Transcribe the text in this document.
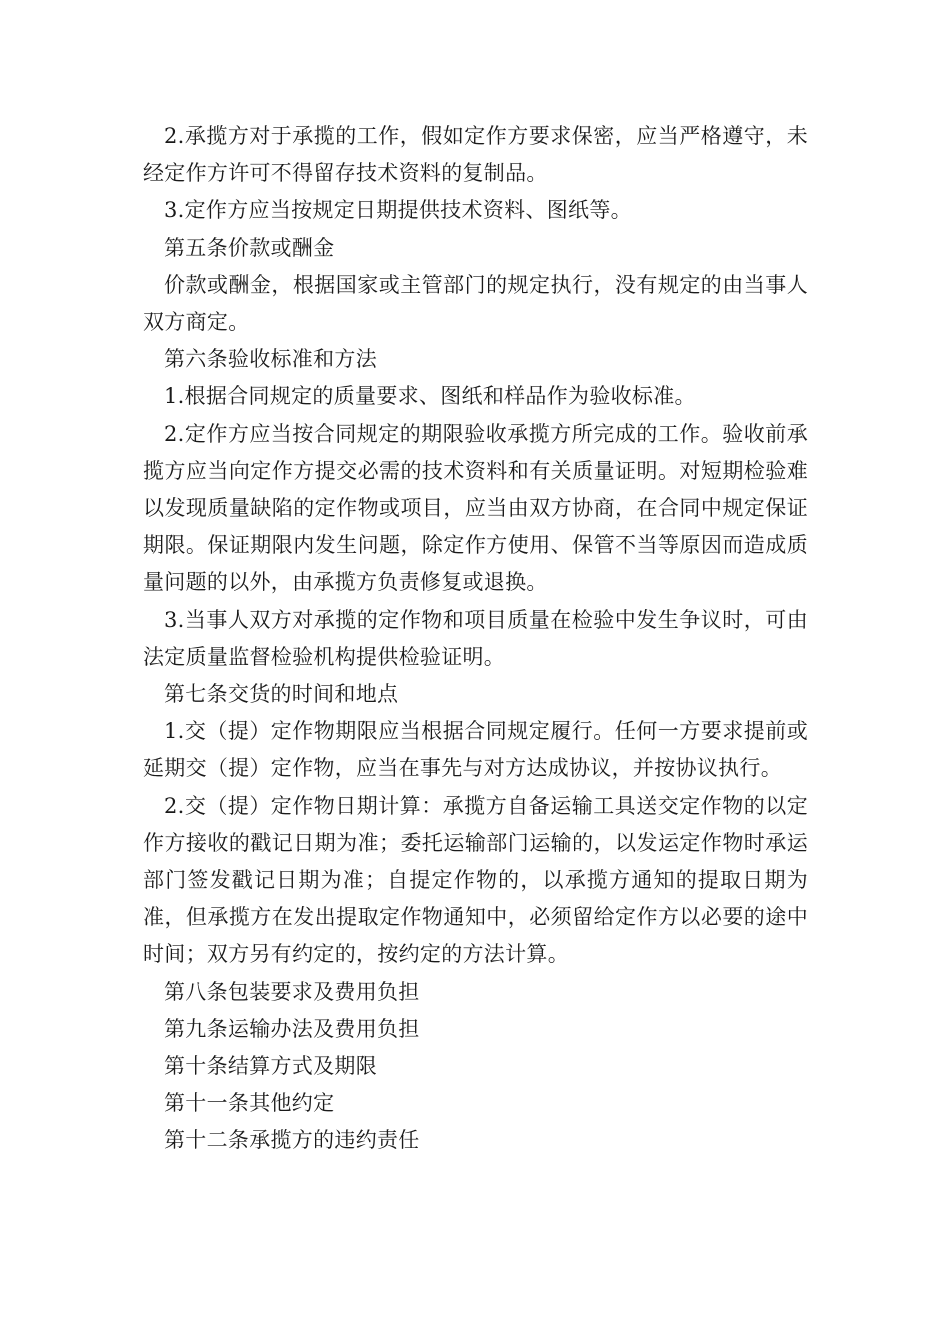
2.承揽方对于承揽的工作，假如定作方要求保密，应当严格遵守，未经定作方许可不得留存技术资料的复制品。

3.定作方应当按规定日期提供技术资料、图纸等。

第五条价款或酬金

价款或酬金，根据国家或主管部门的规定执行，没有规定的由当事人双方商定。

第六条验收标准和方法

1.根据合同规定的质量要求、图纸和样品作为验收标准。

2.定作方应当按合同规定的期限验收承揽方所完成的工作。验收前承揽方应当向定作方提交必需的技术资料和有关质量证明。对短期检验难以发现质量缺陷的定作物或项目，应当由双方协商，在合同中规定保证期限。保证期限内发生问题，除定作方使用、保管不当等原因而造成质量问题的以外，由承揽方负责修复或退换。

3.当事人双方对承揽的定作物和项目质量在检验中发生争议时，可由法定质量监督检验机构提供检验证明。

第七条交货的时间和地点

1.交（提）定作物期限应当根据合同规定履行。任何一方要求提前或延期交（提）定作物，应当在事先与对方达成协议，并按协议执行。

2.交（提）定作物日期计算：承揽方自备运输工具送交定作物的以定作方接收的戳记日期为准；委托运输部门运输的，以发运定作物时承运部门签发戳记日期为准；自提定作物的，以承揽方通知的提取日期为准，但承揽方在发出提取定作物通知中，必须留给定作方以必要的途中时间；双方另有约定的，按约定的方法计算。

第八条包装要求及费用负担

第九条运输办法及费用负担

第十条结算方式及期限

第十一条其他约定

第十二条承揽方的违约责任
